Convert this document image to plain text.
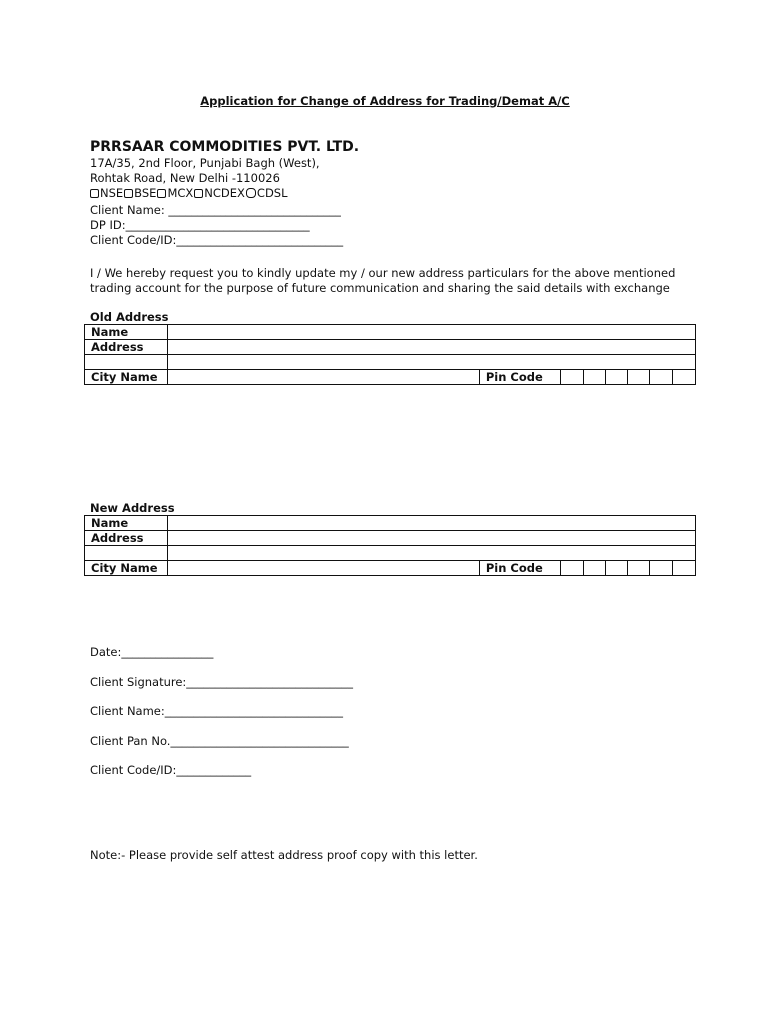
Application for Change of Address for Trading/Demat A/C
PRRSAAR COMMODITIES PVT. LTD.
17A/35, 2nd Floor, Punjabi Bagh (West),
Rohtak Road, New Delhi -110026
NSE BSE MCX NCDEX CDSL
Client Name: ______________________________
DP ID:________________________________
Client Code/ID:_____________________________
I / We hereby request you to kindly update my / our new address particulars for the above mentioned trading account for the purpose of future communication and sharing the said details with exchange
Old Address
Name								
Address								

City Name		Pin Code						
New Address
Name								
Address								

City Name		Pin Code						
Date:________________
Client Signature:_____________________________
Client Name:_______________________________
Client Pan No._______________________________
Client Code/ID:_____________
Note:- Please provide self attest address proof copy with this letter.
